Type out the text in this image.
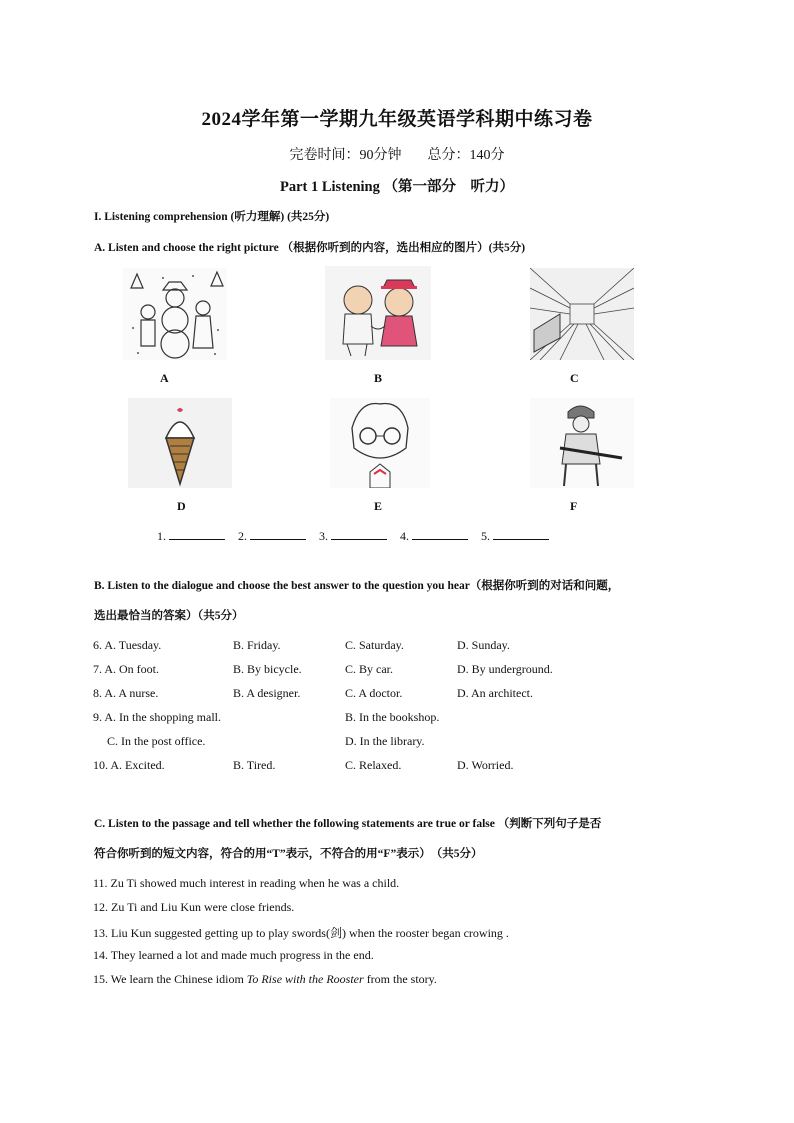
2024学年第一学期九年级英语学科期中练习卷
完卷时间：90分钟 总分：140分
Part 1 Listening （第一部分　听力）
I. Listening comprehension (听力理解) (共25分)
A. Listen and choose the right picture （根据你听到的内容，选出相应的图片）(共5分)
A	B	C
D	E	F
1.	2.	3.	4.	5.
B. Listen to the dialogue and choose the best answer to the question you hear（根据你听到的对话和问题，
选出最恰当的答案）（共5分）
6. A. Tuesday.	B. Friday.	C. Saturday.	D. Sunday.
7. A. On foot.	B. By bicycle.	C. By car.	D. By underground.
8. A. A nurse.	B. A designer.	C. A doctor.	D. An architect.
9. A. In the shopping mall.	B. In the bookshop.
C. In the post office.	D. In the library.
10. A. Excited.	B. Tired.	C. Relaxed.	D. Worried.
C. Listen to the passage and tell whether the following statements are true or false （判断下列句子是否
符合你听到的短文内容，符合的用“T”表示，不符合的用“F”表示）　（共5分）
11. Zu Ti showed much interest in reading when he was a child.
12. Zu Ti and Liu Kun were close friends.
13. Liu Kun suggested getting up to play swords(剑) when the rooster began crowing .
14. They learned a lot and made much progress in the end.
15. We learn the Chinese idiom To Rise with the Rooster from the story.
